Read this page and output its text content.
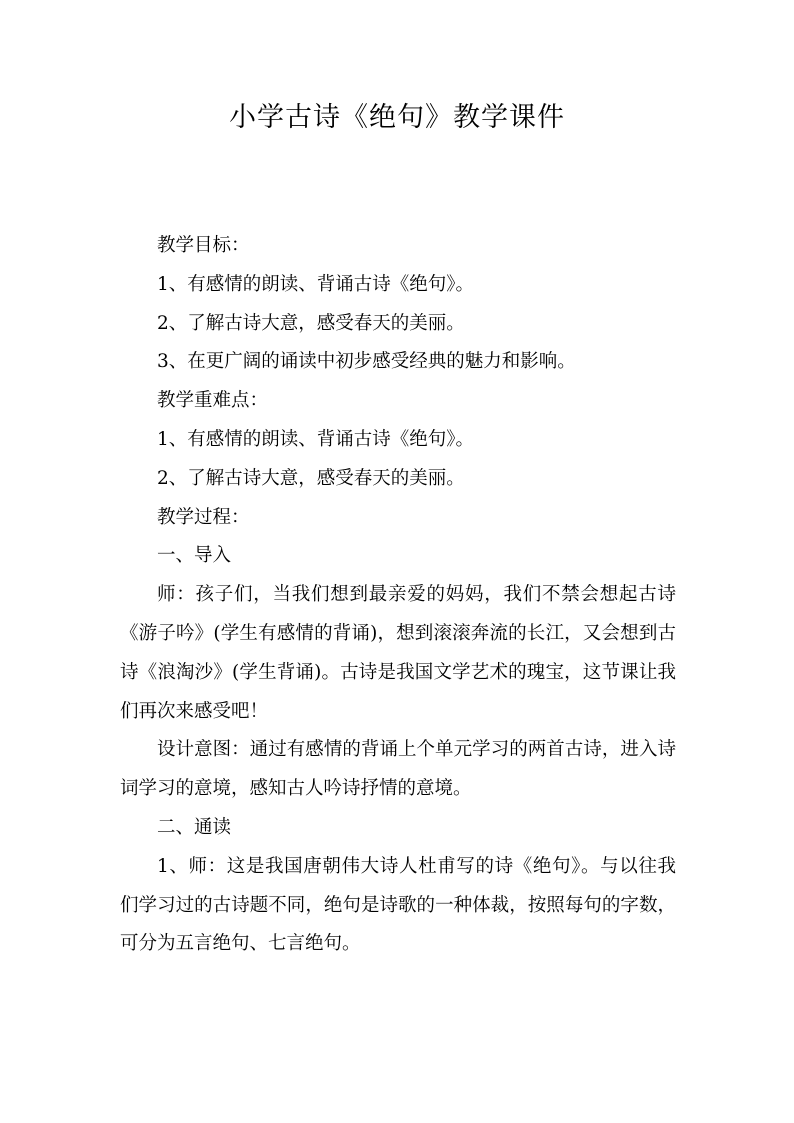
小学古诗《绝句》教学课件

教学目标：

1、有感情的朗读、背诵古诗《绝句》。

2、了解古诗大意，感受春天的美丽。

3、在更广阔的诵读中初步感受经典的魅力和影响。

教学重难点：

1、有感情的朗读、背诵古诗《绝句》。

2、了解古诗大意，感受春天的美丽。

教学过程：

一、导入

师：孩子们，当我们想到最亲爱的妈妈，我们不禁会想起古诗《游子吟》(学生有感情的背诵)，想到滚滚奔流的长江，又会想到古诗《浪淘沙》(学生背诵)。古诗是我国文学艺术的瑰宝，这节课让我们再次来感受吧！

设计意图：通过有感情的背诵上个单元学习的两首古诗，进入诗词学习的意境，感知古人吟诗抒情的意境。

二、通读

1、师：这是我国唐朝伟大诗人杜甫写的诗《绝句》。与以往我们学习过的古诗题不同，绝句是诗歌的一种体裁，按照每句的字数，可分为五言绝句、七言绝句。
